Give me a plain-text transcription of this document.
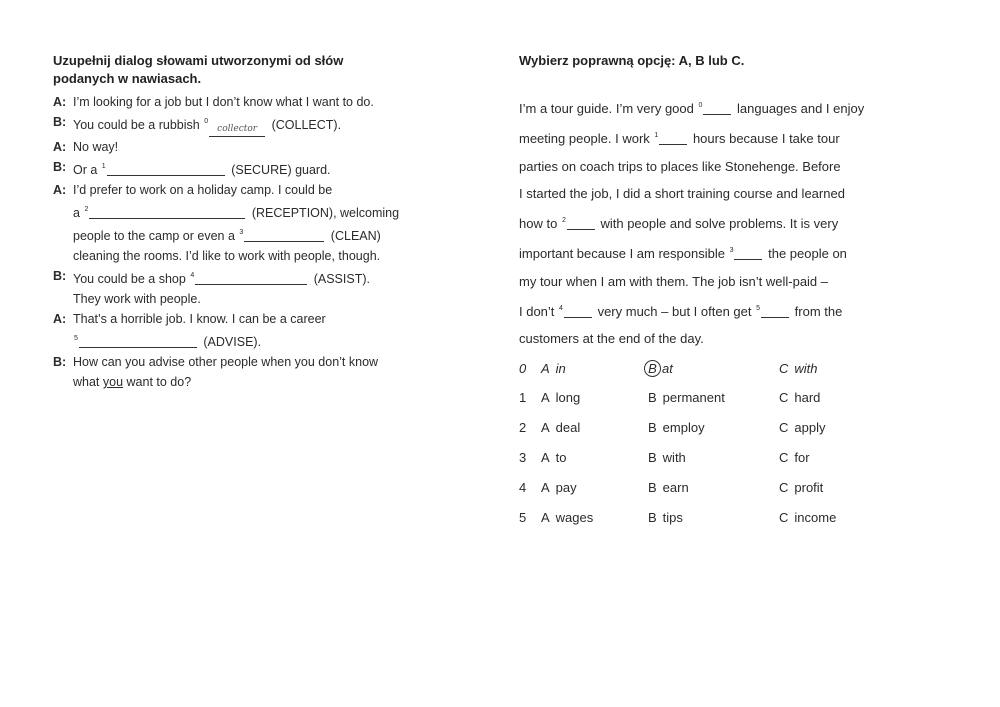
Uzupełnij dialog słowami utworzonymi od słów
podanych w nawiasach.
A: I’m looking for a job but I don’t know what I want to do.
B: You could be a rubbish $^0$collector (COLLECT).
A: No way!
B: Or a $^1$	(SECURE) guard.
A: I’d prefer to work on a holiday camp. I could be
a $^2$	(RECEPTION), welcoming
people to the camp or even a $^3$	(CLEAN)
cleaning the rooms. I’d like to work with people, though.
B: You could be a shop $^4$	(ASSIST).
They work with people.
A: That’s a horrible job. I know. I can be a career
$^5$	(ADVISE).
B: How can you advise other people when you don’t know
what you want to do?
Wybierz poprawną opcję: A, B lub C.
I’m a tour guide. I’m very good $^0$	languages and I enjoy
meeting people. I work $^1$	hours because I take tour
parties on coach trips to places like Stonehenge. Before
I started the job, I did a short training course and learned
how to $^2$	with people and solve problems. It is very
important because I am responsible $^3$	the people on
my tour when I am with them. The job isn’t well-paid –
I don’t $^4$	very much – but I often get $^5$	from the
customers at the end of the day.
0 A in	B at	C with
1 A long	B permanent	C hard
2 A deal	B employ	C apply
3 A to	B with	C for
4 A pay	B earn	C profit
5 A wages	B tips	C income
